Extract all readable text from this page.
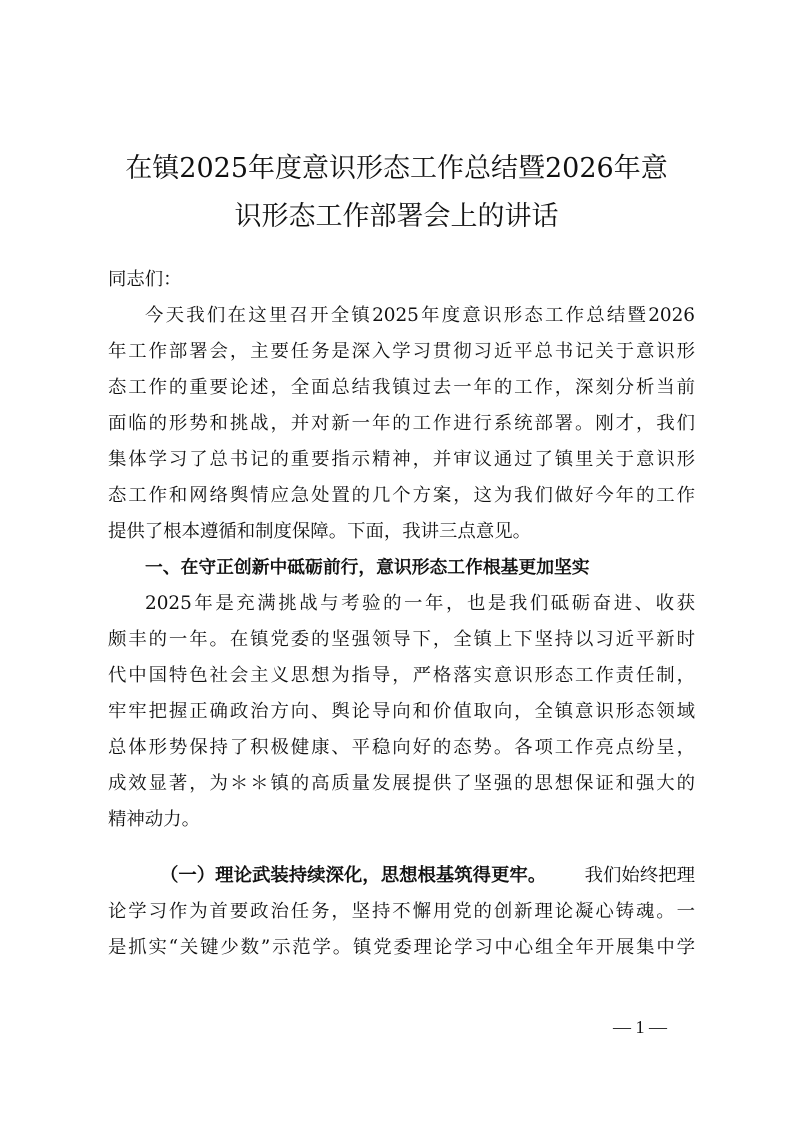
在镇2025年度意识形态工作总结暨2026年意
识形态工作部署会上的讲话
同志们：
今天我们在这里召开全镇2025年度意识形态工作总结暨2026
年工作部署会，主要任务是深入学习贯彻习近平总书记关于意识形
态工作的重要论述，全面总结我镇过去一年的工作，深刻分析当前
面临的形势和挑战，并对新一年的工作进行系统部署。刚才，我们
集体学习了总书记的重要指示精神，并审议通过了镇里关于意识形
态工作和网络舆情应急处置的几个方案，这为我们做好今年的工作
提供了根本遵循和制度保障。下面，我讲三点意见。
一、在守正创新中砥砺前行，意识形态工作根基更加坚实
2025年是充满挑战与考验的一年，也是我们砥砺奋进、收获
颇丰的一年。在镇党委的坚强领导下，全镇上下坚持以习近平新时
代中国特色社会主义思想为指导，严格落实意识形态工作责任制，
牢牢把握正确政治方向、舆论导向和价值取向，全镇意识形态领域
总体形势保持了积极健康、平稳向好的态势。各项工作亮点纷呈，
成效显著，为＊＊镇的高质量发展提供了坚强的思想保证和强大的
精神动力。
（一）理论武装持续深化，思想根基筑得更牢。	我们始终把理
论学习作为首要政治任务，坚持不懈用党的创新理论凝心铸魂。一
是抓实“关键少数”示范学。镇党委理论学习中心组全年开展集中学
— 1 —
